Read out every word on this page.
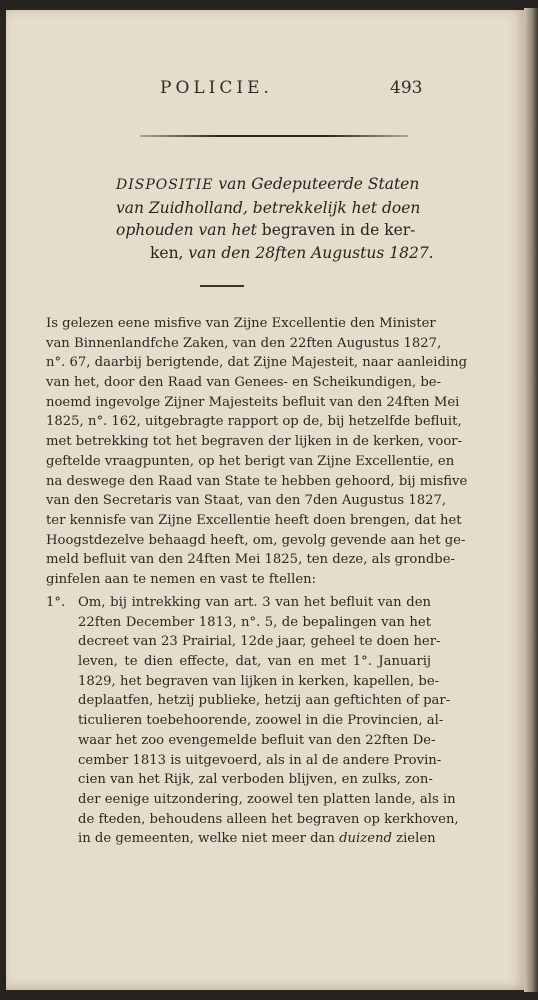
POLICIE.	493
DISPOSITIE van Gedeputeerde Staten
van Zuidholland, betrekkelijk het doen
ophouden van het begraven in de ker-
ken, van den 28ften Augustus 1827.
Is gelezen eene misfive van Zijne Excellentie den Minister
van Binnenlandfche Zaken, van den 22ften Augustus 1827,
n°. 67, daarbij berigtende, dat Zijne Majesteit, naar aanleiding
van het, door den Raad van Genees- en Scheikundigen, be-
noemd ingevolge Zijner Majesteits befluit van den 24ften Mei
1825, n°. 162, uitgebragte rapport op de, bij hetzelfde befluit,
met betrekking tot het begraven der lijken in de kerken, voor-
geftelde vraagpunten, op het berigt van Zijne Excellentie, en
na deswege den Raad van State te hebben gehoord, bij misfive
van den Secretaris van Staat, van den 7den Augustus 1827,
ter kennisfe van Zijne Excellentie heeft doen brengen, dat het
Hoogstdezelve behaagd heeft, om, gevolg gevende aan het ge-
meld befluit van den 24ften Mei 1825, ten deze, als grondbe-
ginfelen aan te nemen en vast te ftellen:
1°. Om, bij intrekking van art. 3 van het befluit van den
22ften December 1813, n°. 5, de bepalingen van het
decreet van 23 Prairial, 12de jaar, geheel te doen her-
leven, te dien effecte, dat, van en met 1°. Januarij
1829, het begraven van lijken in kerken, kapellen, be-
deplaatfen, hetzij publieke, hetzij aan geftichten of par-
ticulieren toebehoorende, zoowel in die Provincien, al-
waar het zoo evengemelde befluit van den 22ften De-
cember 1813 is uitgevoerd, als in al de andere Provin-
cien van het Rijk, zal verboden blijven, en zulks, zon-
der eenige uitzondering, zoowel ten platten lande, als in
de fteden, behoudens alleen het begraven op kerkhoven,
in de gemeenten, welke niet meer dan duizend zielen
